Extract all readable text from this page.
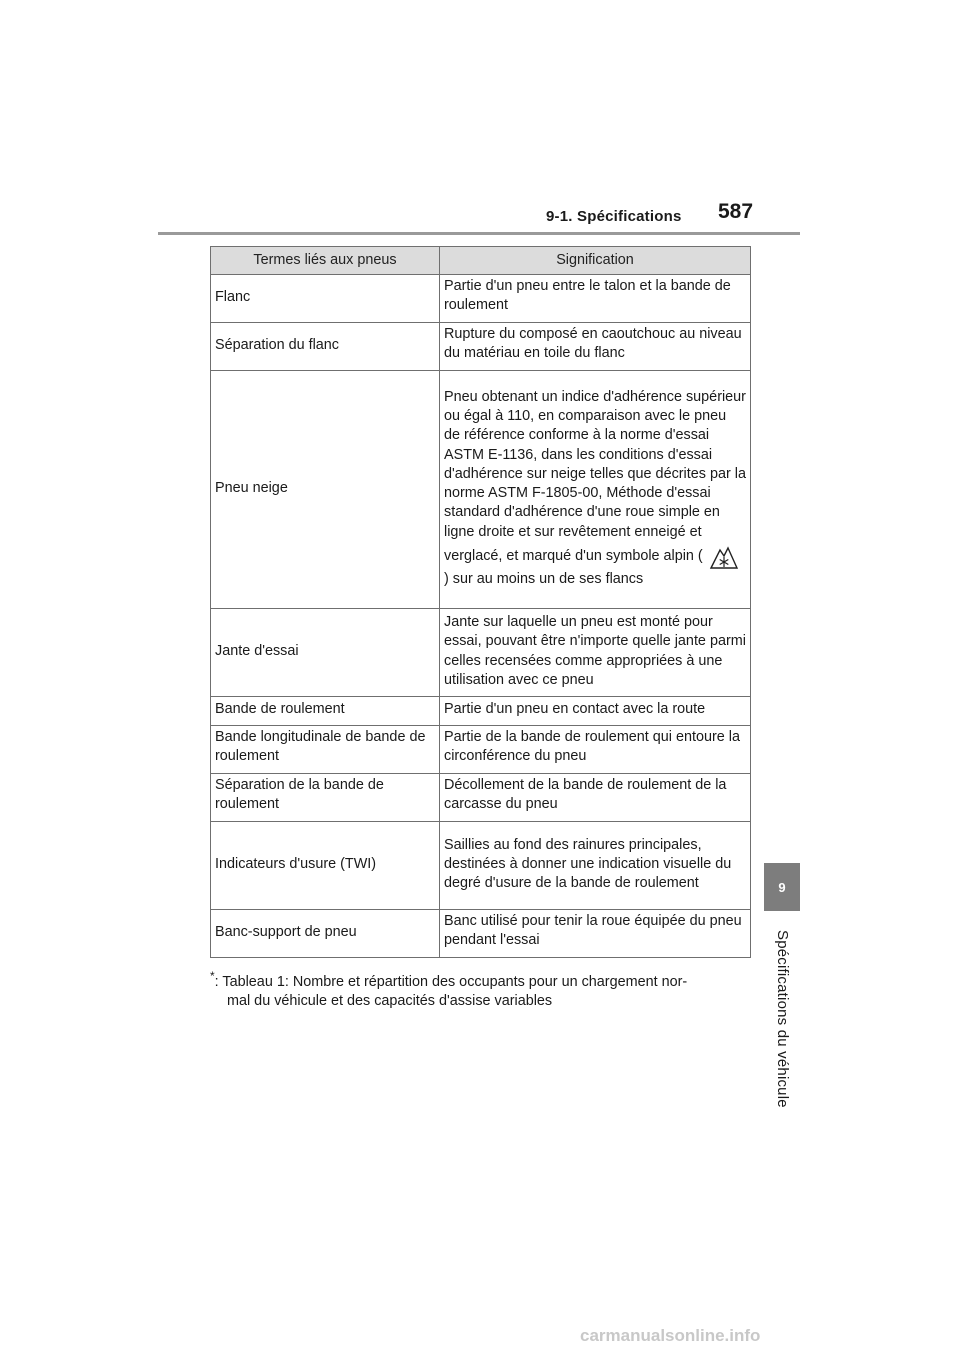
9-1. Spécifications 587
9
Spécifications du véhicule
Termes liés aux pneus	Signification
Flanc	Partie d'un pneu entre le talon et la bande de roulement
Séparation du flanc	Rupture du composé en caoutchouc au niveau du matériau en toile du flanc
Pneu neige	Pneu obtenant un indice d'adhérence supérieur ou égal à 110, en comparaison avec le pneu de référence conforme à la norme d'essai ASTM E-1136, dans les conditions d'essai d'adhérence sur neige telles que décrites par la norme ASTM F-1805-00, Méthode d'essai standard d'adhérence d'une roue simple en ligne droite et sur revêtement enneigé et verglacé, et marqué d'un symbole alpin (  ) sur au moins un de ses flancs
Jante d'essai	Jante sur laquelle un pneu est monté pour essai, pouvant être n'importe quelle jante parmi celles recensées comme appropriées à une utilisation avec ce pneu
Bande de roulement	Partie d'un pneu en contact avec la route
Bande longitudinale de bande de roulement	Partie de la bande de roulement qui entoure la circonférence du pneu
Séparation de la bande de roulement	Décollement de la bande de roulement de la carcasse du pneu
Indicateurs d'usure (TWI)	Saillies au fond des rainures principales, destinées à donner une indication visuelle du degré d'usure de la bande de roulement
Banc-support de pneu	Banc utilisé pour tenir la roue équipée du pneu pendant l'essai
*: Tableau 1: Nombre et répartition des occupants pour un chargement nor-
mal du véhicule et des capacités d'assise variables
carmanualsonline.info
